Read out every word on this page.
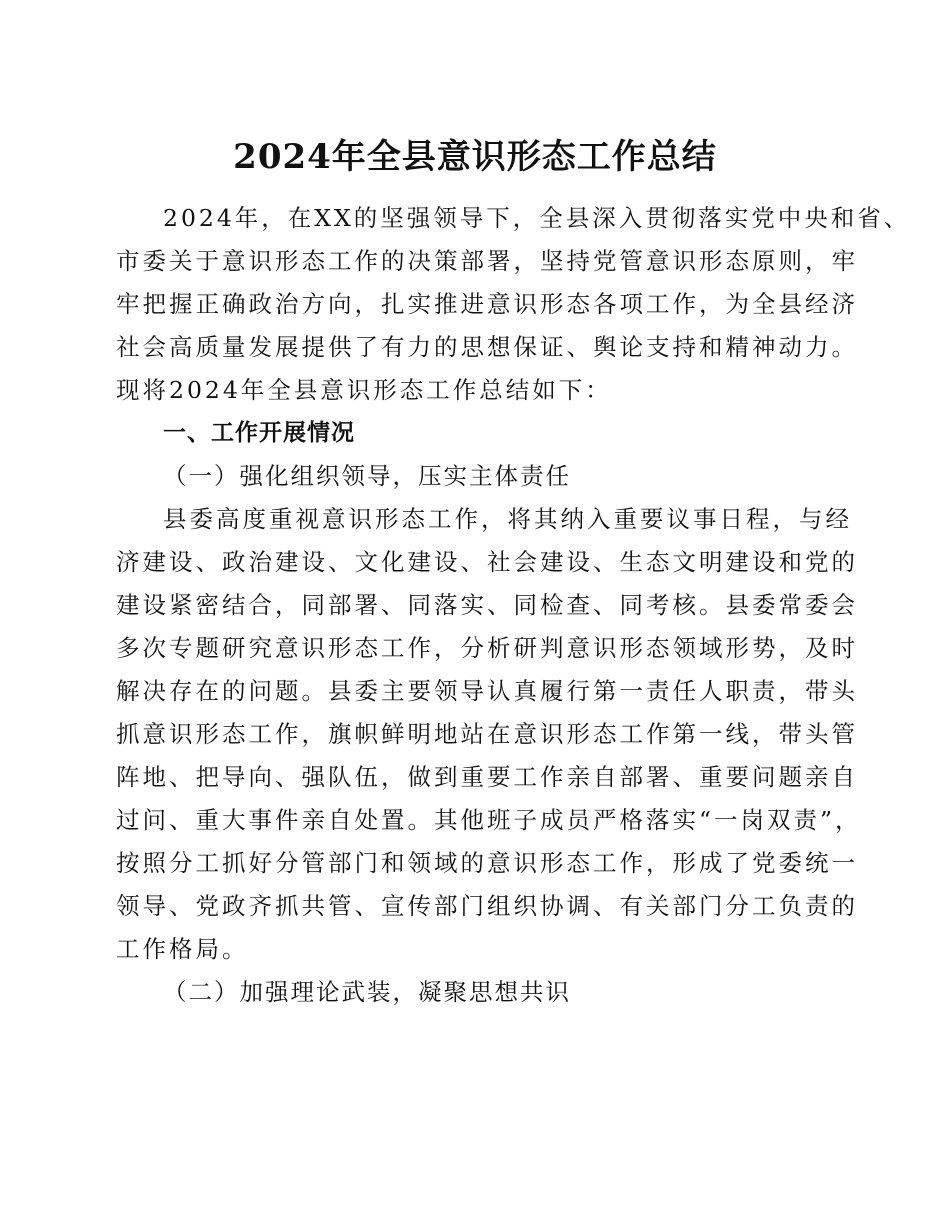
2024年全县意识形态工作总结
2024年，在XX的坚强领导下，全县深入贯彻落实党中央和省、
市委关于意识形态工作的决策部署，坚持党管意识形态原则，牢
牢把握正确政治方向，扎实推进意识形态各项工作，为全县经济
社会高质量发展提供了有力的思想保证、舆论支持和精神动力。
现将2024年全县意识形态工作总结如下：
一、工作开展情况
（一）强化组织领导，压实主体责任
县委高度重视意识形态工作，将其纳入重要议事日程，与经
济建设、政治建设、文化建设、社会建设、生态文明建设和党的
建设紧密结合，同部署、同落实、同检查、同考核。县委常委会
多次专题研究意识形态工作，分析研判意识形态领域形势，及时
解决存在的问题。县委主要领导认真履行第一责任人职责，带头
抓意识形态工作，旗帜鲜明地站在意识形态工作第一线，带头管
阵地、把导向、强队伍，做到重要工作亲自部署、重要问题亲自
过问、重大事件亲自处置。其他班子成员严格落实“一岗双责”，
按照分工抓好分管部门和领域的意识形态工作，形成了党委统一
领导、党政齐抓共管、宣传部门组织协调、有关部门分工负责的
工作格局。
（二）加强理论武装，凝聚思想共识
